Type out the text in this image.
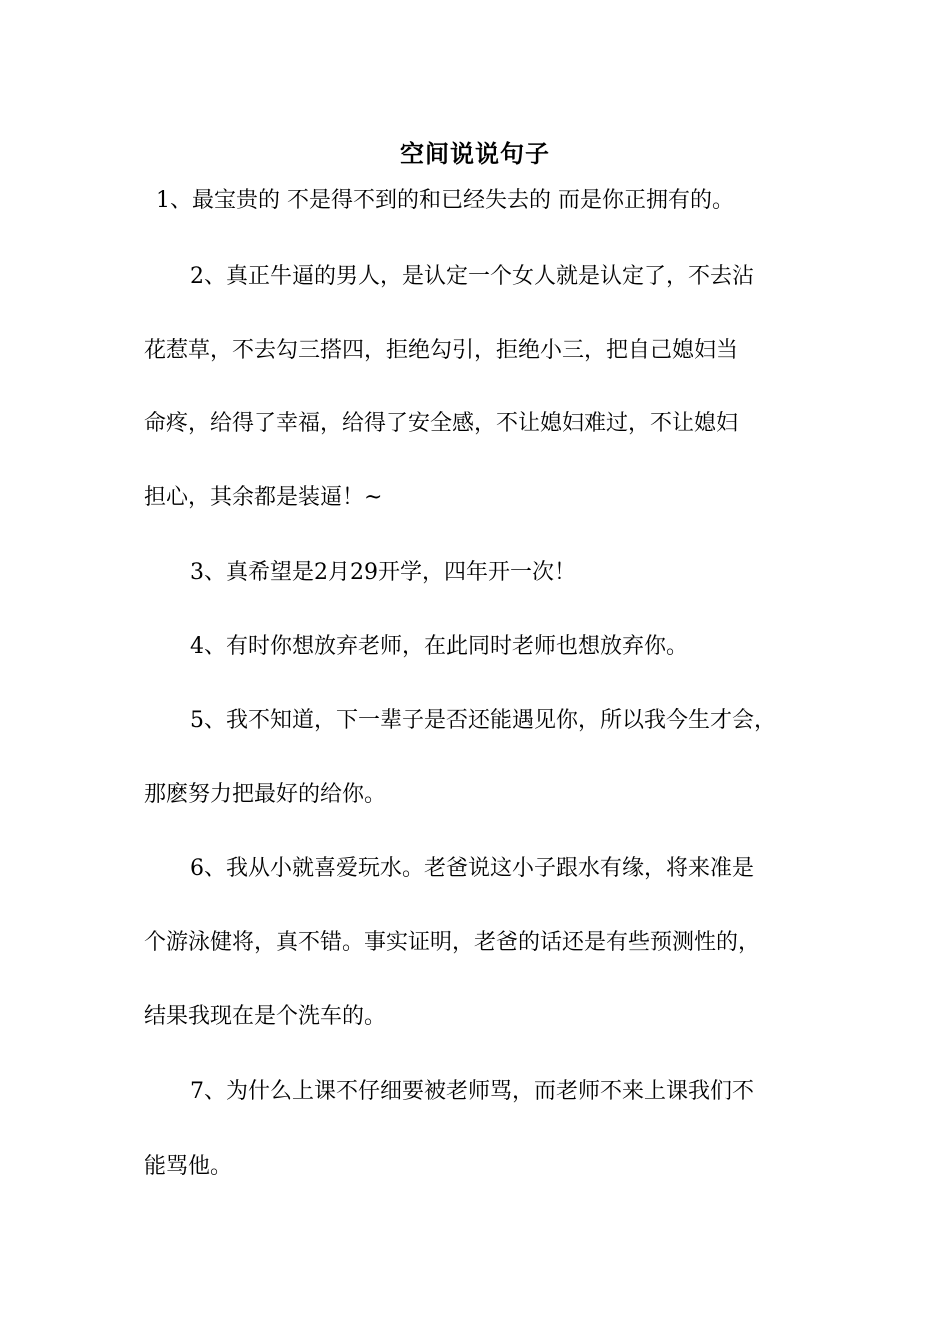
空间说说句子
1、最宝贵的 不是得不到的和已经失去的 而是你正拥有的。
2、真正牛逼的男人，是认定一个女人就是认定了，不去沾
花惹草，不去勾三搭四，拒绝勾引，拒绝小三，把自己媳妇当
命疼，给得了幸福，给得了安全感，不让媳妇难过，不让媳妇
担心，其余都是装逼！~
3、真希望是2月29开学，四年开一次！
4、有时你想放弃老师，在此同时老师也想放弃你。
5、我不知道，下一辈子是否还能遇见你，所以我今生才会，
那麽努力把最好的给你。
6、我从小就喜爱玩水。老爸说这小子跟水有缘，将来准是
个游泳健将，真不错。事实证明，老爸的话还是有些预测性的，
结果我现在是个洗车的。
7、为什么上课不仔细要被老师骂，而老师不来上课我们不
能骂他。
